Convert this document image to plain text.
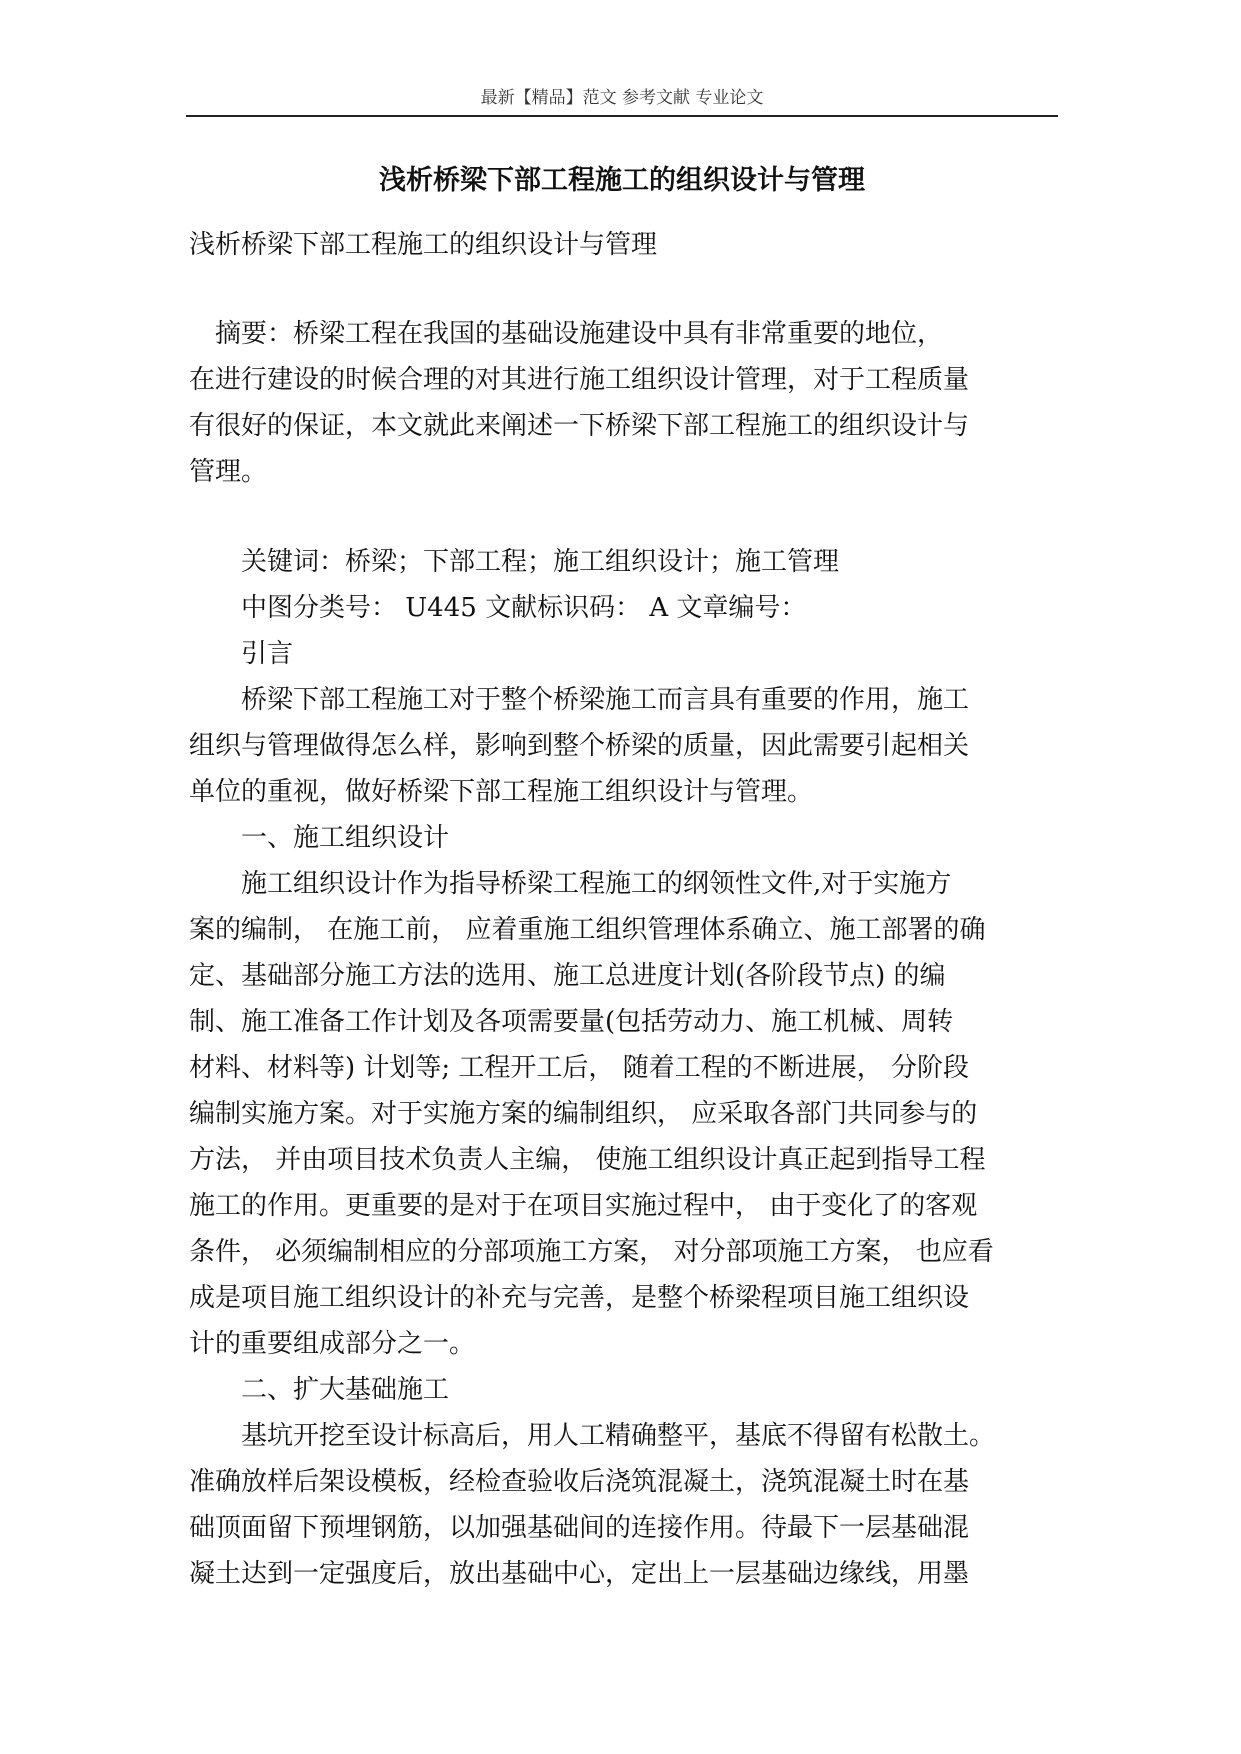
最新【精品】范文 参考文献 专业论文
浅析桥梁下部工程施工的组织设计与管理
浅析桥梁下部工程施工的组织设计与管理
　摘要：桥梁工程在我国的基础设施建设中具有非常重要的地位，
在进行建设的时候合理的对其进行施工组织设计管理，对于工程质量
有很好的保证，本文就此来阐述一下桥梁下部工程施工的组织设计与
管理。
　　关键词：桥梁；下部工程；施工组织设计；施工管理
　　中图分类号： U445 文献标识码： A 文章编号：
　　引言
　　桥梁下部工程施工对于整个桥梁施工而言具有重要的作用，施工
组织与管理做得怎么样，影响到整个桥梁的质量，因此需要引起相关
单位的重视，做好桥梁下部工程施工组织设计与管理。
　　一、施工组织设计
　　施工组织设计作为指导桥梁工程施工的纲领性文件,对于实施方
案的编制， 在施工前， 应着重施工组织管理体系确立、施工部署的确
定、基础部分施工方法的选用、施工总进度计划(各阶段节点) 的编
制、施工准备工作计划及各项需要量(包括劳动力、施工机械、周转
材料、材料等) 计划等; 工程开工后， 随着工程的不断进展， 分阶段
编制实施方案。对于实施方案的编制组织， 应采取各部门共同参与的
方法， 并由项目技术负责人主编， 使施工组织设计真正起到指导工程
施工的作用。更重要的是对于在项目实施过程中， 由于变化了的客观
条件， 必须编制相应的分部项施工方案， 对分部项施工方案， 也应看
成是项目施工组织设计的补充与完善，是整个桥梁程项目施工组织设
计的重要组成部分之一。
　　二、扩大基础施工
　　基坑开挖至设计标高后，用人工精确整平，基底不得留有松散土。
准确放样后架设模板，经检查验收后浇筑混凝土，浇筑混凝土时在基
础顶面留下预埋钢筋，以加强基础间的连接作用。待最下一层基础混
凝土达到一定强度后，放出基础中心，定出上一层基础边缘线，用墨
